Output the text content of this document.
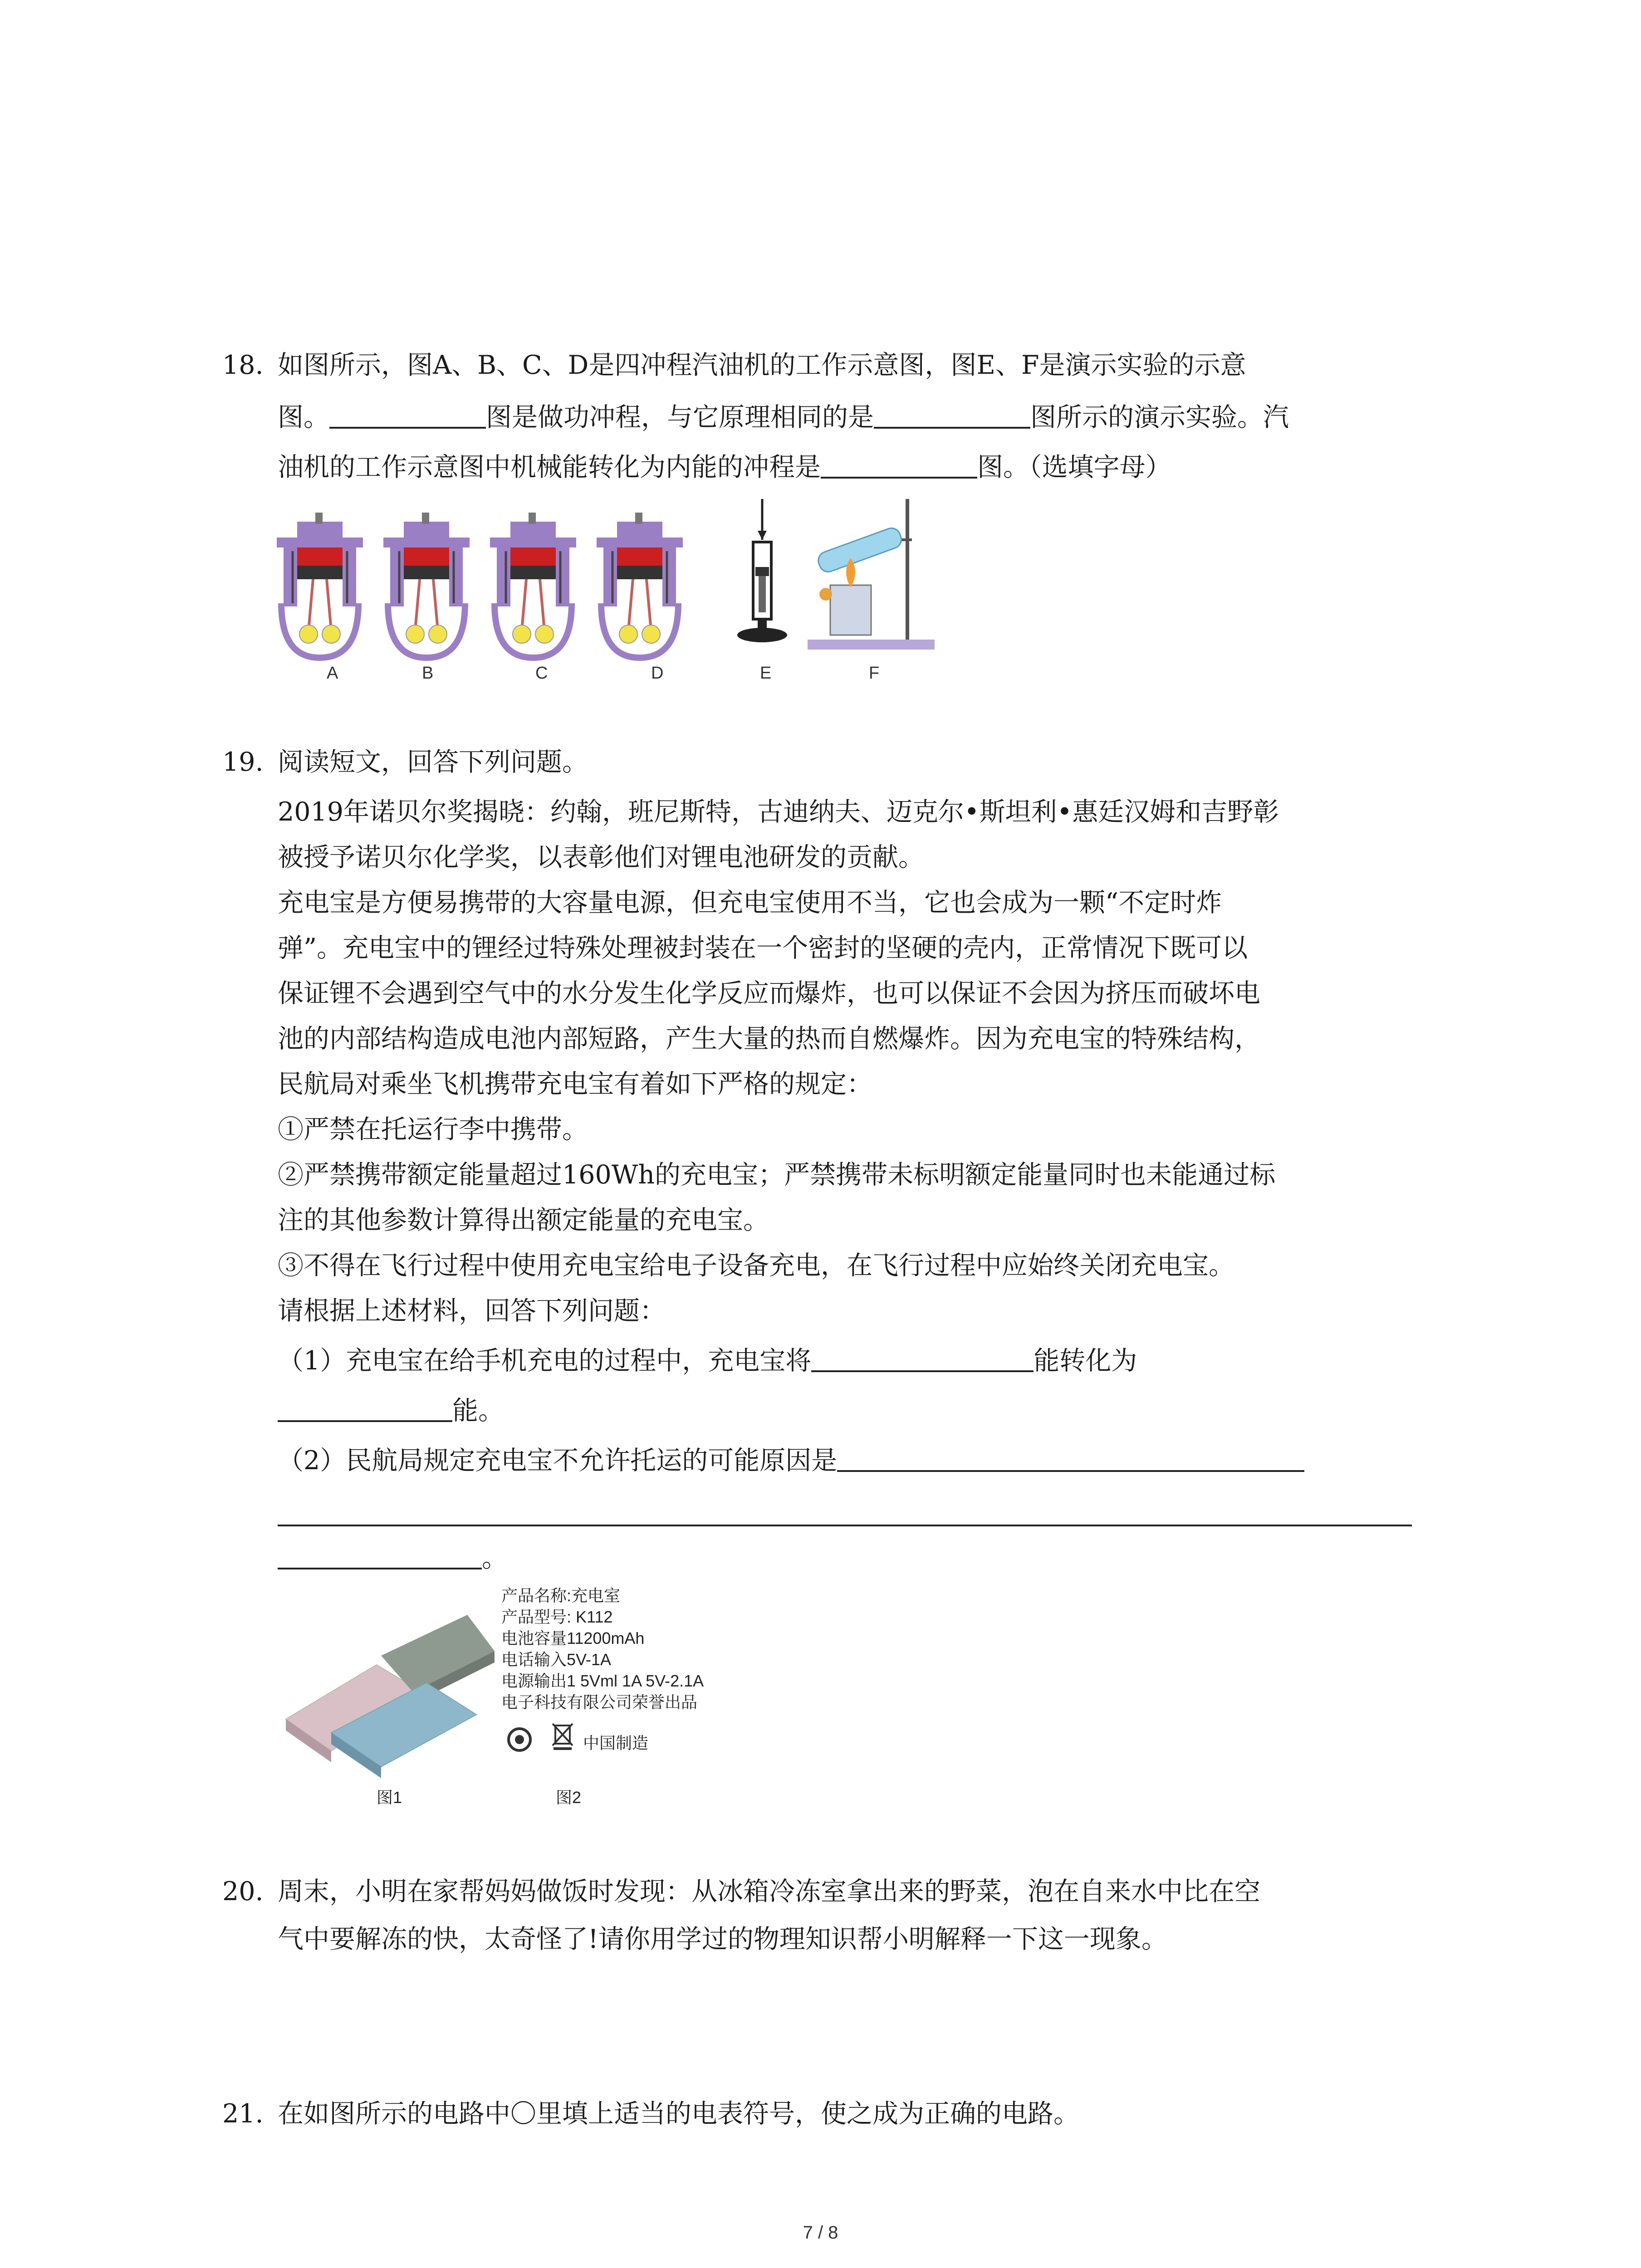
18. 如图所示，图A、B、C、D是四冲程汽油机的工作示意图，图E、F是演示实验的示意
图。	图是做功冲程，与它原理相同的是	图所示的演示实验。汽
油机的工作示意图中机械能转化为内能的冲程是	图。（选填字母）
A	B	C	D	E	F
19. 阅读短文，回答下列问题。
2019年诺贝尔奖揭晓：约翰，班尼斯特，古迪纳夫、迈克尔•斯坦利•惠廷汉姆和吉野彰
被授予诺贝尔化学奖，以表彰他们对锂电池研发的贡献。
充电宝是方便易携带的大容量电源，但充电宝使用不当，它也会成为一颗“不定时炸
弹”。充电宝中的锂经过特殊处理被封装在一个密封的坚硬的壳内，正常情况下既可以
保证锂不会遇到空气中的水分发生化学反应而爆炸，也可以保证不会因为挤压而破坏电
池的内部结构造成电池内部短路，产生大量的热而自燃爆炸。因为充电宝的特殊结构，
民航局对乘坐飞机携带充电宝有着如下严格的规定：
①严禁在托运行李中携带。
②严禁携带额定能量超过160Wh的充电宝；严禁携带未标明额定能量同时也未能通过标
注的其他参数计算得出额定能量的充电宝。
③不得在飞行过程中使用充电宝给电子设备充电，在飞行过程中应始终关闭充电宝。
请根据上述材料，回答下列问题：
（1）充电宝在给手机充电的过程中，充电宝将	能转化为
能。
（2）民航局规定充电宝不允许托运的可能原因是
。
产品名称:充电室
产品型号: K112
电池容量11200mAh
电话输入5V-1A
电源输出1 5Vml 1A 5V-2.1A
电子科技有限公司荣誉出品
中国制造
图1	图2
20. 周末，小明在家帮妈妈做饭时发现：从冰箱冷冻室拿出来的野菜，泡在自来水中比在空
气中要解冻的快，太奇怪了!请你用学过的物理知识帮小明解释一下这一现象。
21. 在如图所示的电路中〇里填上适当的电表符号，使之成为正确的电路。
7 / 8
